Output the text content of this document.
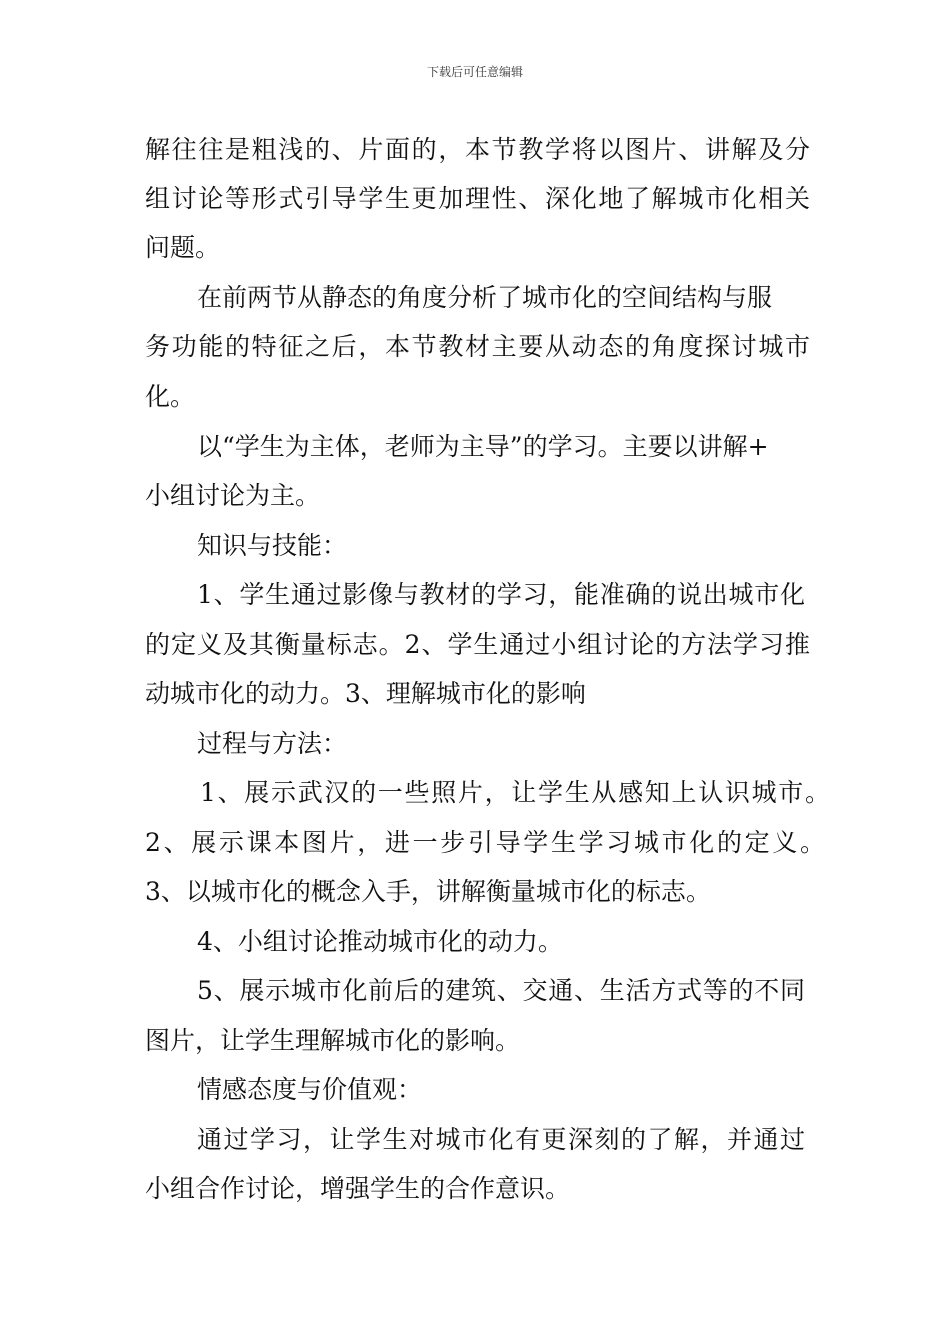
下载后可任意编辑
解往往是粗浅的、片面的，本节教学将以图片、讲解及分
组讨论等形式引导学生更加理性、深化地了解城市化相关
问题。
在前两节从静态的角度分析了城市化的空间结构与服
务功能的特征之后，本节教材主要从动态的角度探讨城市
化。
以“学生为主体，老师为主导”的学习。主要以讲解+
小组讨论为主。
知识与技能：
1、学生通过影像与教材的学习，能准确的说出城市化
的定义及其衡量标志。2、学生通过小组讨论的方法学习推
动城市化的动力。3、理解城市化的影响
过程与方法：
1、展示武汉的一些照片，让学生从感知上认识城市。
2、展示课本图片，进一步引导学生学习城市化的定义。
3、以城市化的概念入手，讲解衡量城市化的标志。
4、小组讨论推动城市化的动力。
5、展示城市化前后的建筑、交通、生活方式等的不同
图片，让学生理解城市化的影响。
情感态度与价值观：
通过学习，让学生对城市化有更深刻的了解，并通过
小组合作讨论，增强学生的合作意识。
